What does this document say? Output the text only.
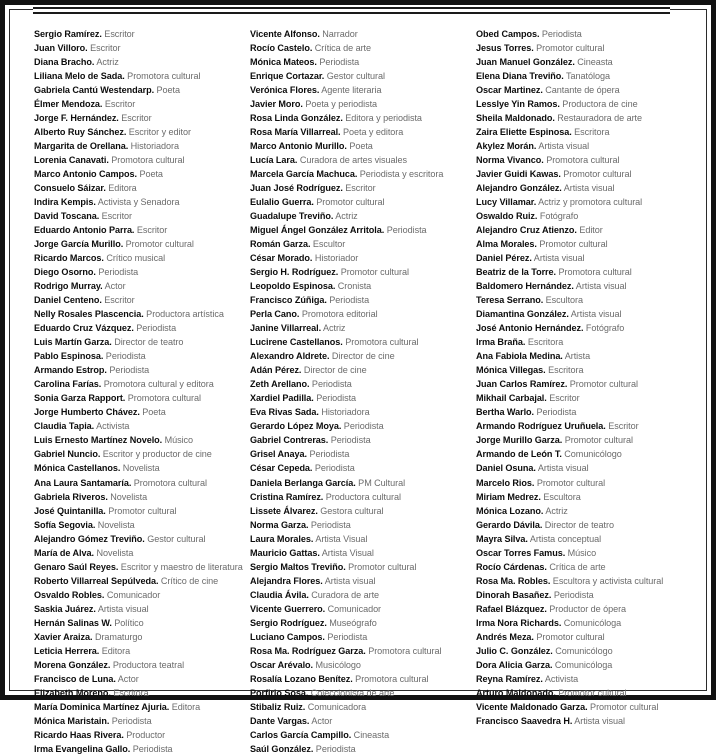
Sergio Ramírez. Escritor
Juan Villoro. Escritor
Diana Bracho. Actriz
Liliana Melo de Sada. Promotora cultural
Gabriela Cantú Westendarp. Poeta
Élmer Mendoza. Escritor
Jorge F. Hernández. Escritor
Alberto Ruy Sánchez. Escritor y editor
Margarita de Orellana. Historiadora
Lorenia Canavati. Promotora cultural
Marco Antonio Campos. Poeta
Consuelo Sáizar. Editora
Indira Kempis. Activista y Senadora
David Toscana. Escritor
Eduardo Antonio Parra. Escritor
Jorge García Murillo. Promotor cultural
Ricardo Marcos. Crítico musical
Diego Osorno. Periodista
Rodrigo Murray. Actor
Daniel Centeno. Escritor
Nelly Rosales Plascencia. Productora artística
Eduardo Cruz Vázquez. Periodista
Luis Martín Garza. Director de teatro
Pablo Espinosa. Periodista
Armando Estrop. Periodista
Carolina Farías. Promotora cultural y editora
Sonia Garza Rapport. Promotora cultural
Jorge Humberto Chávez. Poeta
Claudia Tapia. Activista
Luis Ernesto Martínez Novelo. Músico
Gabriel Nuncio. Escritor y productor de cine
Mónica Castellanos. Novelista
Ana Laura Santamaría. Promotora cultural
Gabriela Riveros. Novelista
José Quintanilla. Promotor cultural
Sofía Segovia. Novelista
Alejandro Gómez Treviño. Gestor cultural
María de Alva. Novelista
Genaro Saúl Reyes. Escritor y maestro de literatura
Roberto Villarreal Sepúlveda. Crítico de cine
Osvaldo Robles. Comunicador
Saskia Juárez. Artista visual
Hernán Salinas W. Político
Xavier Araiza. Dramaturgo
Leticia Herrera. Editora
Morena González. Productora teatral
Francisco de Luna. Actor
Elizabeth Moreno. Escritora
María Dominica Martínez Ajuria. Editora
Mónica Maristain. Periodista
Ricardo Haas Rivera. Productor
Irma Evangelina Gallo. Periodista
Vicente Alfonso. Narrador
Rocío Castelo. Crítica de arte
Mónica Mateos. Periodista
Enrique Cortazar. Gestor cultural
Verónica Flores. Agente literaria
Javier Moro. Poeta y periodista
Rosa Linda González. Editora y periodista
Rosa María Villarreal. Poeta y editora
Marco Antonio Murillo. Poeta
Lucía Lara. Curadora de artes visuales
Marcela García Machuca. Periodista y escritora
Juan José Rodríguez. Escritor
Eulalio Guerra. Promotor cultural
Guadalupe Treviño. Actriz
Miguel Ángel González Arritola. Periodista
Román Garza. Escultor
César Morado. Historiador
Sergio H. Rodríguez. Promotor cultural
Leopoldo Espinosa. Cronista
Francisco Zúñiga. Periodista
Perla Cano. Promotora editorial
Janine Villarreal. Actriz
Lucirene Castellanos. Promotora cultural
Alexandro Aldrete. Director de cine
Adán Pérez. Director de cine
Zeth Arellano. Periodista
Xardiel Padilla. Periodista
Eva Rivas Sada. Historiadora
Gerardo López Moya. Periodista
Gabriel Contreras. Periodista
Grisel Anaya. Periodista
César Cepeda. Periodista
Daniela Berlanga García. PM Cultural
Cristina Ramírez. Productora cultural
Lissete Álvarez. Gestora cultural
Norma Garza. Periodista
Laura Morales. Artista Visual
Mauricio Gattas. Artista Visual
Sergio Maltos Treviño. Promotor cultural
Alejandra Flores. Artista visual
Claudia Ávila. Curadora de arte
Vicente Guerrero. Comunicador
Sergio Rodríguez. Museógrafo
Luciano Campos. Periodista
Rosa Ma. Rodríguez Garza. Promotora cultural
Oscar Arévalo. Musicólogo
Rosalía Lozano Benítez. Promotora cultural
Porfirio Sosa. Coleccionista de arte
Stibaliz Ruiz. Comunicadora
Dante Vargas. Actor
Carlos García Campillo. Cineasta
Saúl González. Periodista
Obed Campos. Periodista
Jesus Torres. Promotor cultural
Juan Manuel González. Cineasta
Elena Diana Treviño. Tanatóloga
Oscar Martinez. Cantante de ópera
Lesslye Yin Ramos. Productora de cine
Sheila Maldonado. Restauradora de arte
Zaira Eliette Espinosa. Escritora
Akylez Morán. Artista visual
Norma Vivanco. Promotora cultural
Javier Guidi Kawas. Promotor cultural
Alejandro González. Artista visual
Lucy Villamar. Actriz y promotora cultural
Oswaldo Ruiz. Fotógrafo
Alejandro Cruz Atienzo. Editor
Alma Morales. Promotor cultural
Daniel Pérez. Artista visual
Beatriz de la Torre. Promotora cultural
Baldomero Hernández. Artista visual
Teresa Serrano. Escultora
Diamantina González. Artista visual
José Antonio Hernández. Fotógrafo
Irma Braña. Escritora
Ana Fabiola Medina. Artista
Mónica Villegas. Escritora
Juan Carlos Ramírez. Promotor cultural
Mikhail Carbajal. Escritor
Bertha Warlo. Periodista
Armando Rodríguez Uruñuela. Escritor
Jorge Murillo Garza. Promotor cultural
Armando de León T. Comunicólogo
Daniel Osuna. Artista visual
Marcelo Rios. Promotor cultural
Miriam Medrez. Escultora
Mónica Lozano. Actriz
Gerardo Dávila. Director de teatro
Mayra Silva. Artista conceptual
Oscar Torres Famus. Músico
Rocío Cárdenas. Crítica de arte
Rosa Ma. Robles. Escultora y activista cultural
Dinorah Basañez. Periodista
Rafael Blázquez. Productor de ópera
Irma Nora Richards. Comunicóloga
Andrés Meza. Promotor cultural
Julio C. González. Comunicólogo
Dora Alicia Garza. Comunicóloga
Reyna Ramírez. Activista
Arturo Maldonado. Promotor cultural
Vicente Maldonado Garza. Promotor cultural
Francisco Saavedra H. Artista visual
